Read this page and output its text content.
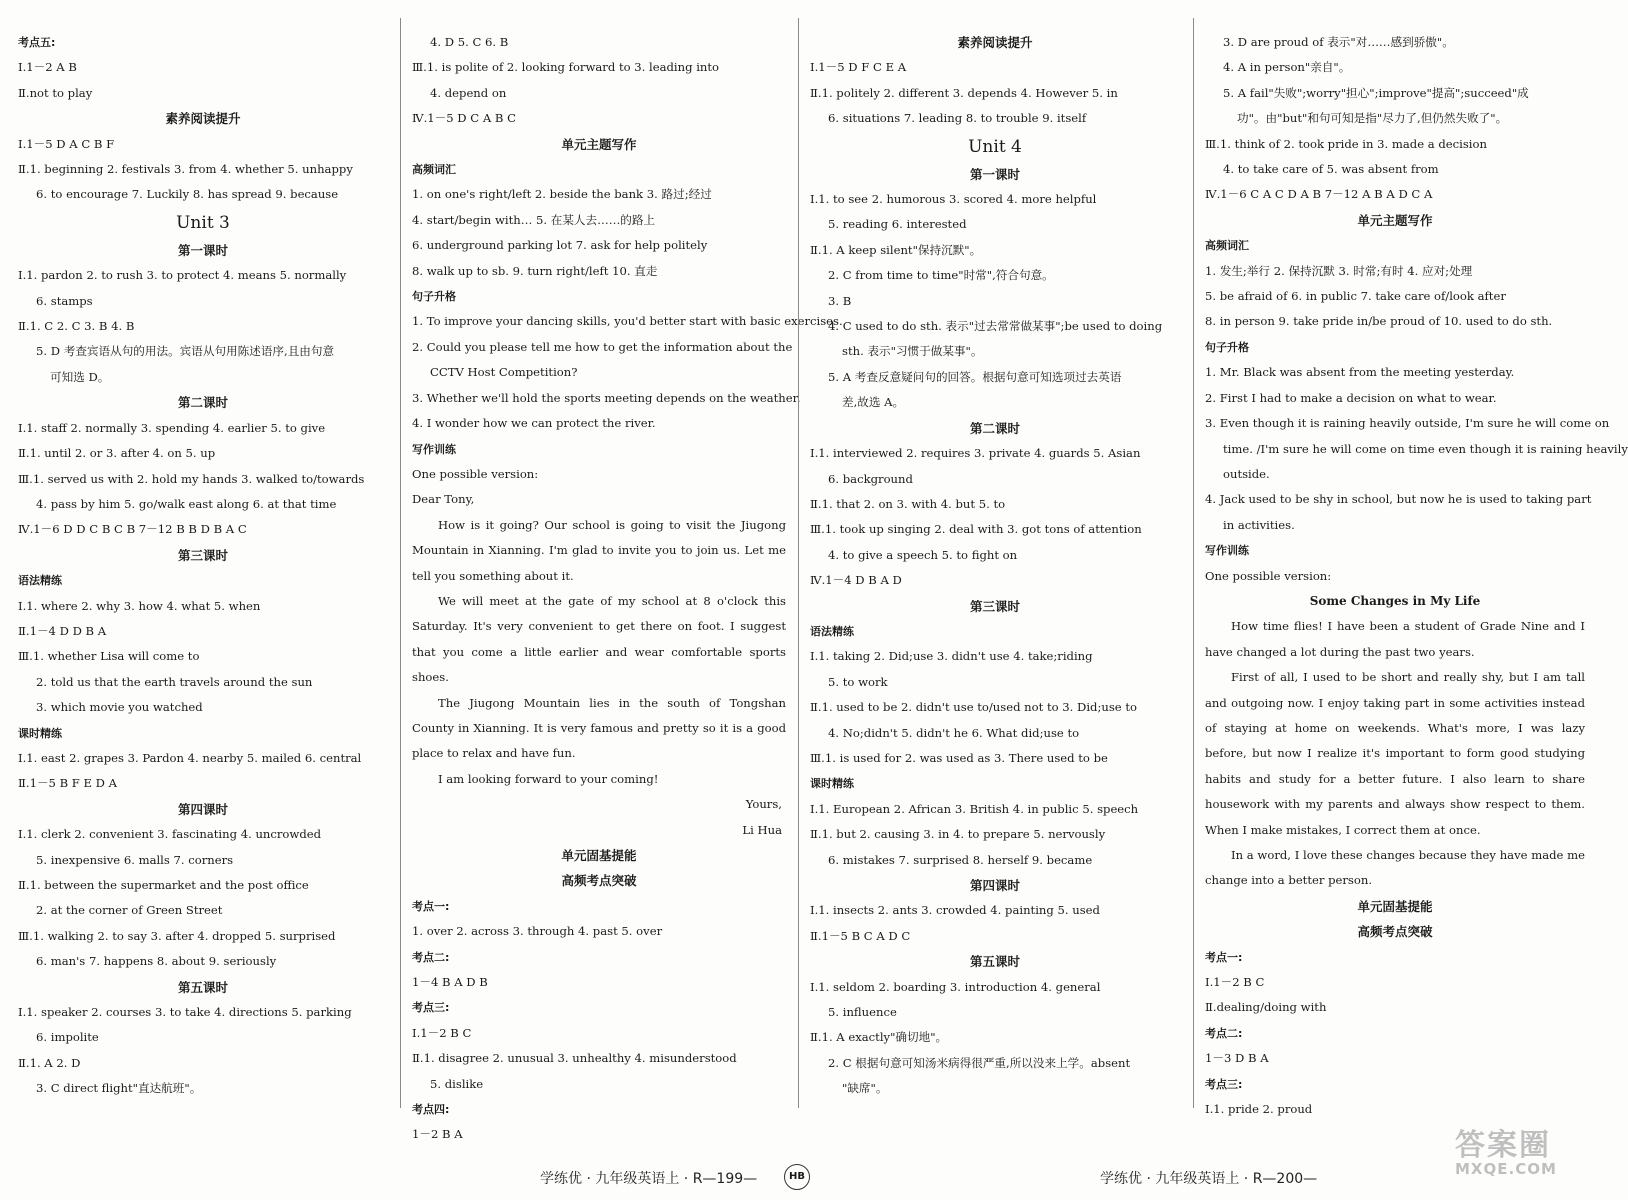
考点五:
Ⅰ.1－2 A B
Ⅱ.not to play
素养阅读提升
Ⅰ.1－5 D A C B F
Ⅱ.1. beginning 2. festivals 3. from 4. whether 5. unhappy
6. to encourage 7. Luckily 8. has spread 9. because
Unit 3
第一课时
Ⅰ.1. pardon 2. to rush 3. to protect 4. means 5. normally
6. stamps
Ⅱ.1. C 2. C 3. B 4. B
5. D 考查宾语从句的用法。宾语从句用陈述语序,且由句意
可知选 D。
第二课时
Ⅰ.1. staff 2. normally 3. spending 4. earlier 5. to give
Ⅱ.1. until 2. or 3. after 4. on 5. up
Ⅲ.1. served us with 2. hold my hands 3. walked to/towards
4. pass by him 5. go/walk east along 6. at that time
Ⅳ.1－6 D D C B C B 7－12 B B D B A C
第三课时
语法精练
Ⅰ.1. where 2. why 3. how 4. what 5. when
Ⅱ.1－4 D D B A
Ⅲ.1. whether Lisa will come to
2. told us that the earth travels around the sun
3. which movie you watched
课时精练
Ⅰ.1. east 2. grapes 3. Pardon 4. nearby 5. mailed 6. central
Ⅱ.1－5 B F E D A
第四课时
Ⅰ.1. clerk 2. convenient 3. fascinating 4. uncrowded
5. inexpensive 6. malls 7. corners
Ⅱ.1. between the supermarket and the post office
2. at the corner of Green Street
Ⅲ.1. walking 2. to say 3. after 4. dropped 5. surprised
6. man's 7. happens 8. about 9. seriously
第五课时
Ⅰ.1. speaker 2. courses 3. to take 4. directions 5. parking
6. impolite
Ⅱ.1. A 2. D
3. C direct flight"直达航班"。
4. D 5. C 6. B
Ⅲ.1. is polite of 2. looking forward to 3. leading into
4. depend on
Ⅳ.1－5 D C A B C
单元主题写作
高频词汇
1. on one's right/left 2. beside the bank 3. 路过;经过
4. start/begin with… 5. 在某人去……的路上
6. underground parking lot 7. ask for help politely
8. walk up to sb. 9. turn right/left 10. 直走
句子升格
1. To improve your dancing skills, you'd better start with basic exercises.
2. Could you please tell me how to get the information about the
CCTV Host Competition?
3. Whether we'll hold the sports meeting depends on the weather.
4. I wonder how we can protect the river.
写作训练
One possible version:
Dear Tony,
How is it going? Our school is going to visit the Jiugong Mountain in Xianning. I'm glad to invite you to join us. Let me tell you something about it.
We will meet at the gate of my school at 8 o'clock this Saturday. It's very convenient to get there on foot. I suggest that you come a little earlier and wear comfortable sports shoes.
The Jiugong Mountain lies in the south of Tongshan County in Xianning. It is very famous and pretty so it is a good place to relax and have fun.
I am looking forward to your coming!
Yours,
Li Hua
单元固基提能
高频考点突破
考点一:
1. over 2. across 3. through 4. past 5. over
考点二:
1－4 B A D B
考点三:
Ⅰ.1－2 B C
Ⅱ.1. disagree 2. unusual 3. unhealthy 4. misunderstood
5. dislike
考点四:
1－2 B A
素养阅读提升
Ⅰ.1－5 D F C E A
Ⅱ.1. politely 2. different 3. depends 4. However 5. in
6. situations 7. leading 8. to trouble 9. itself
Unit 4
第一课时
Ⅰ.1. to see 2. humorous 3. scored 4. more helpful
5. reading 6. interested
Ⅱ.1. A keep silent"保持沉默"。
2. C from time to time"时常",符合句意。
3. B
4. C used to do sth. 表示"过去常常做某事";be used to doing
sth. 表示"习惯于做某事"。
5. A 考查反意疑问句的回答。根据句意可知选项过去英语
差,故选 A。
第二课时
Ⅰ.1. interviewed 2. requires 3. private 4. guards 5. Asian
6. background
Ⅱ.1. that 2. on 3. with 4. but 5. to
Ⅲ.1. took up singing 2. deal with 3. got tons of attention
4. to give a speech 5. to fight on
Ⅳ.1－4 D B A D
第三课时
语法精练
Ⅰ.1. taking 2. Did;use 3. didn't use 4. take;riding
5. to work
Ⅱ.1. used to be 2. didn't use to/used not to 3. Did;use to
4. No;didn't 5. didn't he 6. What did;use to
Ⅲ.1. is used for 2. was used as 3. There used to be
课时精练
Ⅰ.1. European 2. African 3. British 4. in public 5. speech
Ⅱ.1. but 2. causing 3. in 4. to prepare 5. nervously
6. mistakes 7. surprised 8. herself 9. became
第四课时
Ⅰ.1. insects 2. ants 3. crowded 4. painting 5. used
Ⅱ.1－5 B C A D C
第五课时
Ⅰ.1. seldom 2. boarding 3. introduction 4. general
5. influence
Ⅱ.1. A exactly"确切地"。
2. C 根据句意可知汤米病得很严重,所以没来上学。absent
"缺席"。
3. D are proud of 表示"对……感到骄傲"。
4. A in person"亲自"。
5. A fail"失败";worry"担心";improve"提高";succeed"成
功"。由"but"和句可知是指"尽力了,但仍然失败了"。
Ⅲ.1. think of 2. took pride in 3. made a decision
4. to take care of 5. was absent from
Ⅳ.1－6 C A C D A B 7－12 A B A D C A
单元主题写作
高频词汇
1. 发生;举行 2. 保持沉默 3. 时常;有时 4. 应对;处理
5. be afraid of 6. in public 7. take care of/look after
8. in person 9. take pride in/be proud of 10. used to do sth.
句子升格
1. Mr. Black was absent from the meeting yesterday.
2. First I had to make a decision on what to wear.
3. Even though it is raining heavily outside, I'm sure he will come on
time. /I'm sure he will come on time even though it is raining heavily
outside.
4. Jack used to be shy in school, but now he is used to taking part
in activities.
写作训练
One possible version:
Some Changes in My Life
How time flies! I have been a student of Grade Nine and I have changed a lot during the past two years.
First of all, I used to be short and really shy, but I am tall and outgoing now. I enjoy taking part in some activities instead of staying at home on weekends. What's more, I was lazy before, but now I realize it's important to form good studying habits and study for a better future. I also learn to share housework with my parents and always show respect to them. When I make mistakes, I correct them at once.
In a word, I love these changes because they have made me change into a better person.
单元固基提能
高频考点突破
考点一:
Ⅰ.1－2 B C
Ⅱ.dealing/doing with
考点二:
1－3 D B A
考点三:
Ⅰ.1. pride 2. proud
学练优 · 九年级英语上 · R—199—	HB	学练优 · 九年级英语上 · R—200—
答案圈
MXQE.COM
